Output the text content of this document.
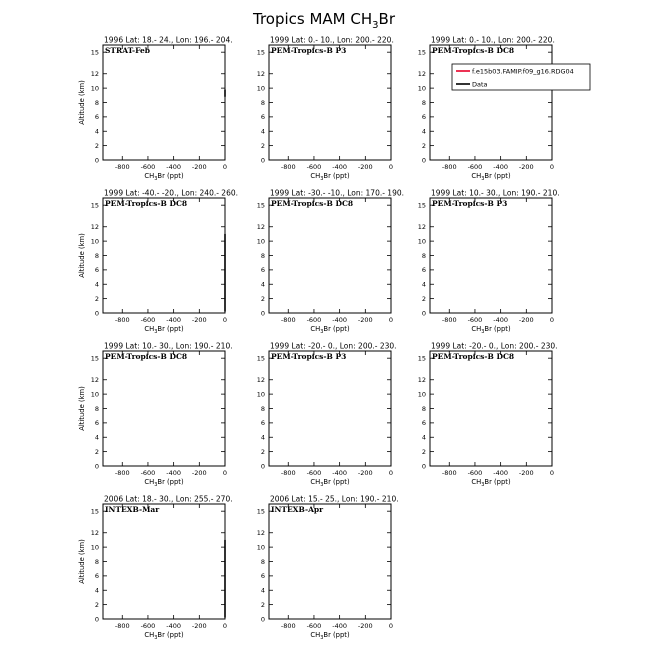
Tropics MAM $CH_3Br$
1996 Lat: 18.- 24., Lon: 196.- 204.
STRAT-Feb
0
2
4
6
8
10
12
15
-800 -600 -400 -200 0
$CH_3Br$ (ppt)
Altitude (km)
1999 Lat: 0.- 10., Lon: 200.- 220.
PEM-Tropics-B P3
0
2
4
6
8
10
12
15
-800 -600 -400 -200 0
$CH_3Br$ (ppt)
1999 Lat: 0.- 10., Lon: 200.- 220.
PEM-Tropics-B DC8
0
2
4
6
8
10
12
15
-800 -600 -400 -200 0
$CH_3Br$ (ppt)
1999 Lat: -40.- -20., Lon: 240.- 260.
PEM-Tropics-B DC8
0
2
4
6
8
10
12
15
-800 -600 -400 -200 0
$CH_3Br$ (ppt)
Altitude (km)
1999 Lat: -30.- -10., Lon: 170.- 190.
PEM-Tropics-B DC8
0
2
4
6
8
10
12
15
-800 -600 -400 -200 0
$CH_3Br$ (ppt)
1999 Lat: 10.- 30., Lon: 190.- 210.
PEM-Tropics-B P3
0
2
4
6
8
10
12
15
-800 -600 -400 -200 0
$CH_3Br$ (ppt)
1999 Lat: 10.- 30., Lon: 190.- 210.
PEM-Tropics-B DC8
0
2
4
6
8
10
12
15
-800 -600 -400 -200 0
$CH_3Br$ (ppt)
Altitude (km)
1999 Lat: -20.- 0., Lon: 200.- 230.
PEM-Tropics-B P3
0
2
4
6
8
10
12
15
-800 -600 -400 -200 0
$CH_3Br$ (ppt)
1999 Lat: -20.- 0., Lon: 200.- 230.
PEM-Tropics-B DC8
0
2
4
6
8
10
12
15
-800 -600 -400 -200 0
$CH_3Br$ (ppt)
2006 Lat: 18.- 30., Lon: 255.- 270.
INTEXB-Mar
0
2
4
6
8
10
12
15
-800 -600 -400 -200 0
$CH_3Br$ (ppt)
Altitude (km)
2006 Lat: 15.- 25., Lon: 190.- 210.
INTEXB-Apr
0
2
4
6
8
10
12
15
-800 -600 -400 -200 0
$CH_3Br$ (ppt)
f.e15b03.FAMIP.f09_g16.RDG04
Data
